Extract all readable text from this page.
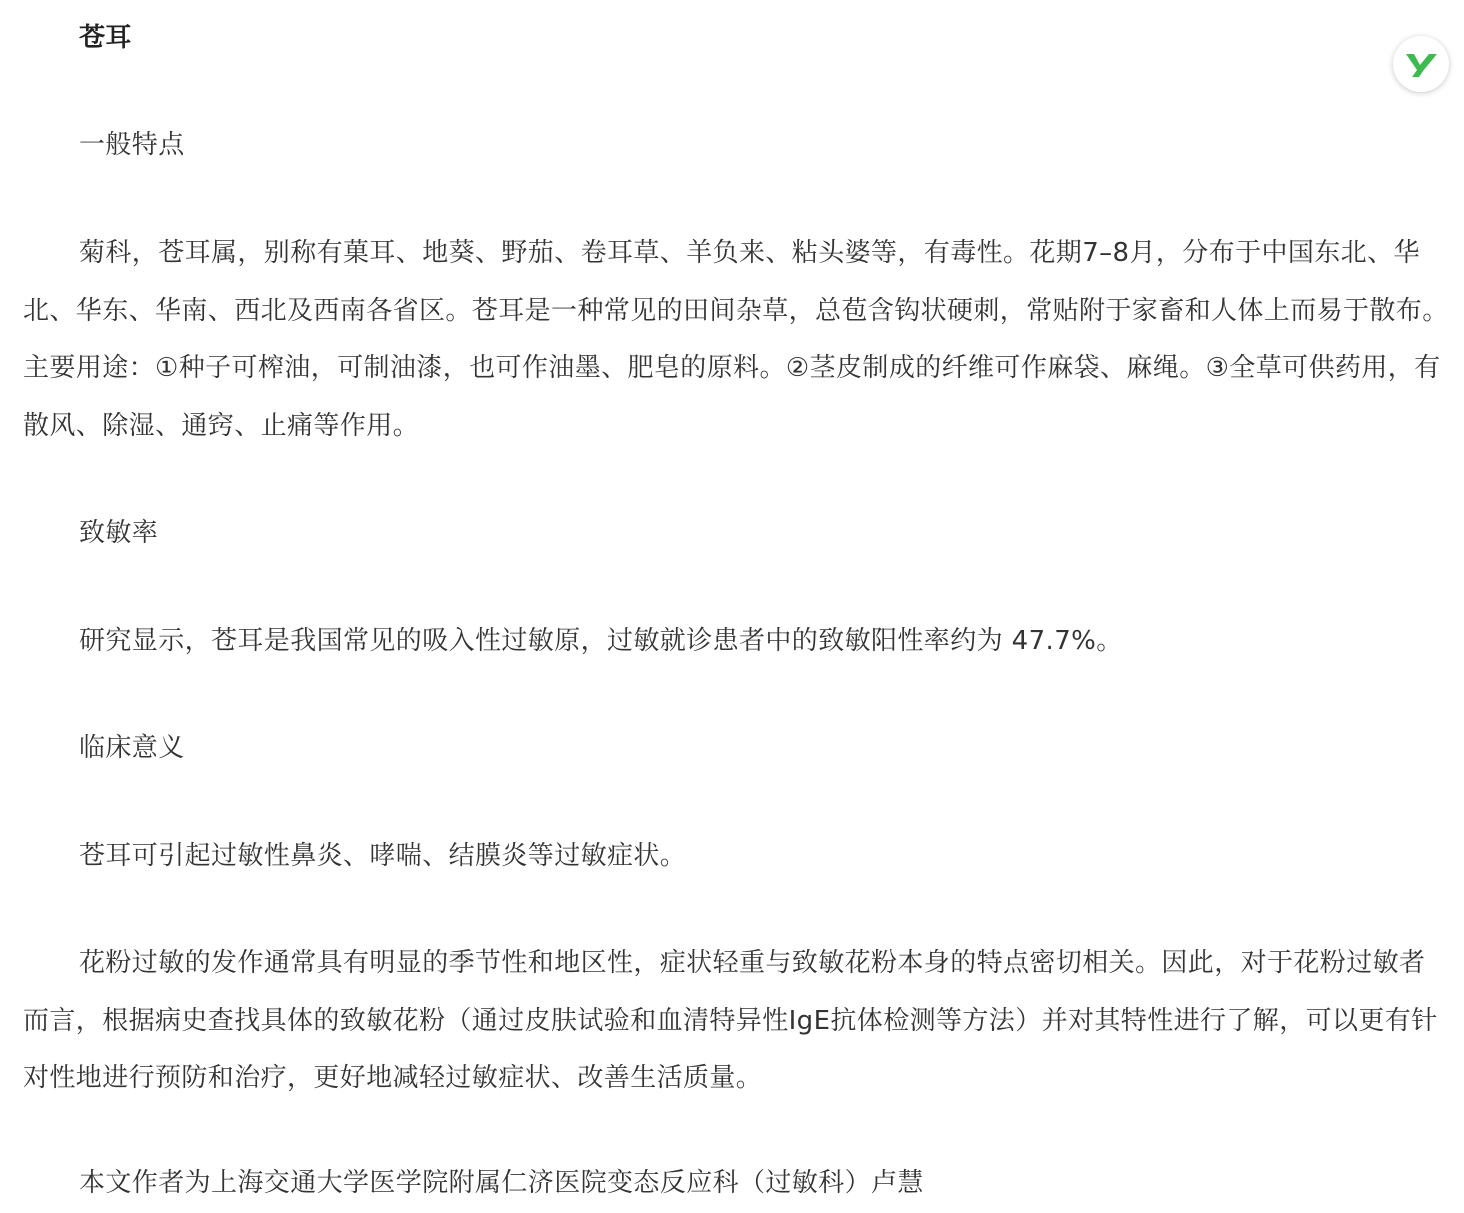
苍耳

一般特点

菊科，苍耳属，别称有菓耳、地葵、野茄、卷耳草、羊负来、粘头婆等，有毒性。花期7–8月，分布于中国东北、华北、华东、华南、西北及西南各省区。苍耳是一种常见的田间杂草，总苞含钩状硬刺，常贴附于家畜和人体上而易于散布。主要用途：①种子可榨油，可制油漆，也可作油墨、肥皂的原料。②茎皮制成的纤维可作麻袋、麻绳。③全草可供药用，有散风、除湿、通窍、止痛等作用。

致敏率

研究显示，苍耳是我国常见的吸入性过敏原，过敏就诊患者中的致敏阳性率约为 47.7%。

临床意义

苍耳可引起过敏性鼻炎、哮喘、结膜炎等过敏症状。

花粉过敏的发作通常具有明显的季节性和地区性，症状轻重与致敏花粉本身的特点密切相关。因此，对于花粉过敏者而言，根据病史查找具体的致敏花粉（通过皮肤试验和血清特异性IgE抗体检测等方法）并对其特性进行了解，可以更有针对性地进行预防和治疗，更好地减轻过敏症状、改善生活质量。

本文作者为上海交通大学医学院附属仁济医院变态反应科（过敏科）卢慧
